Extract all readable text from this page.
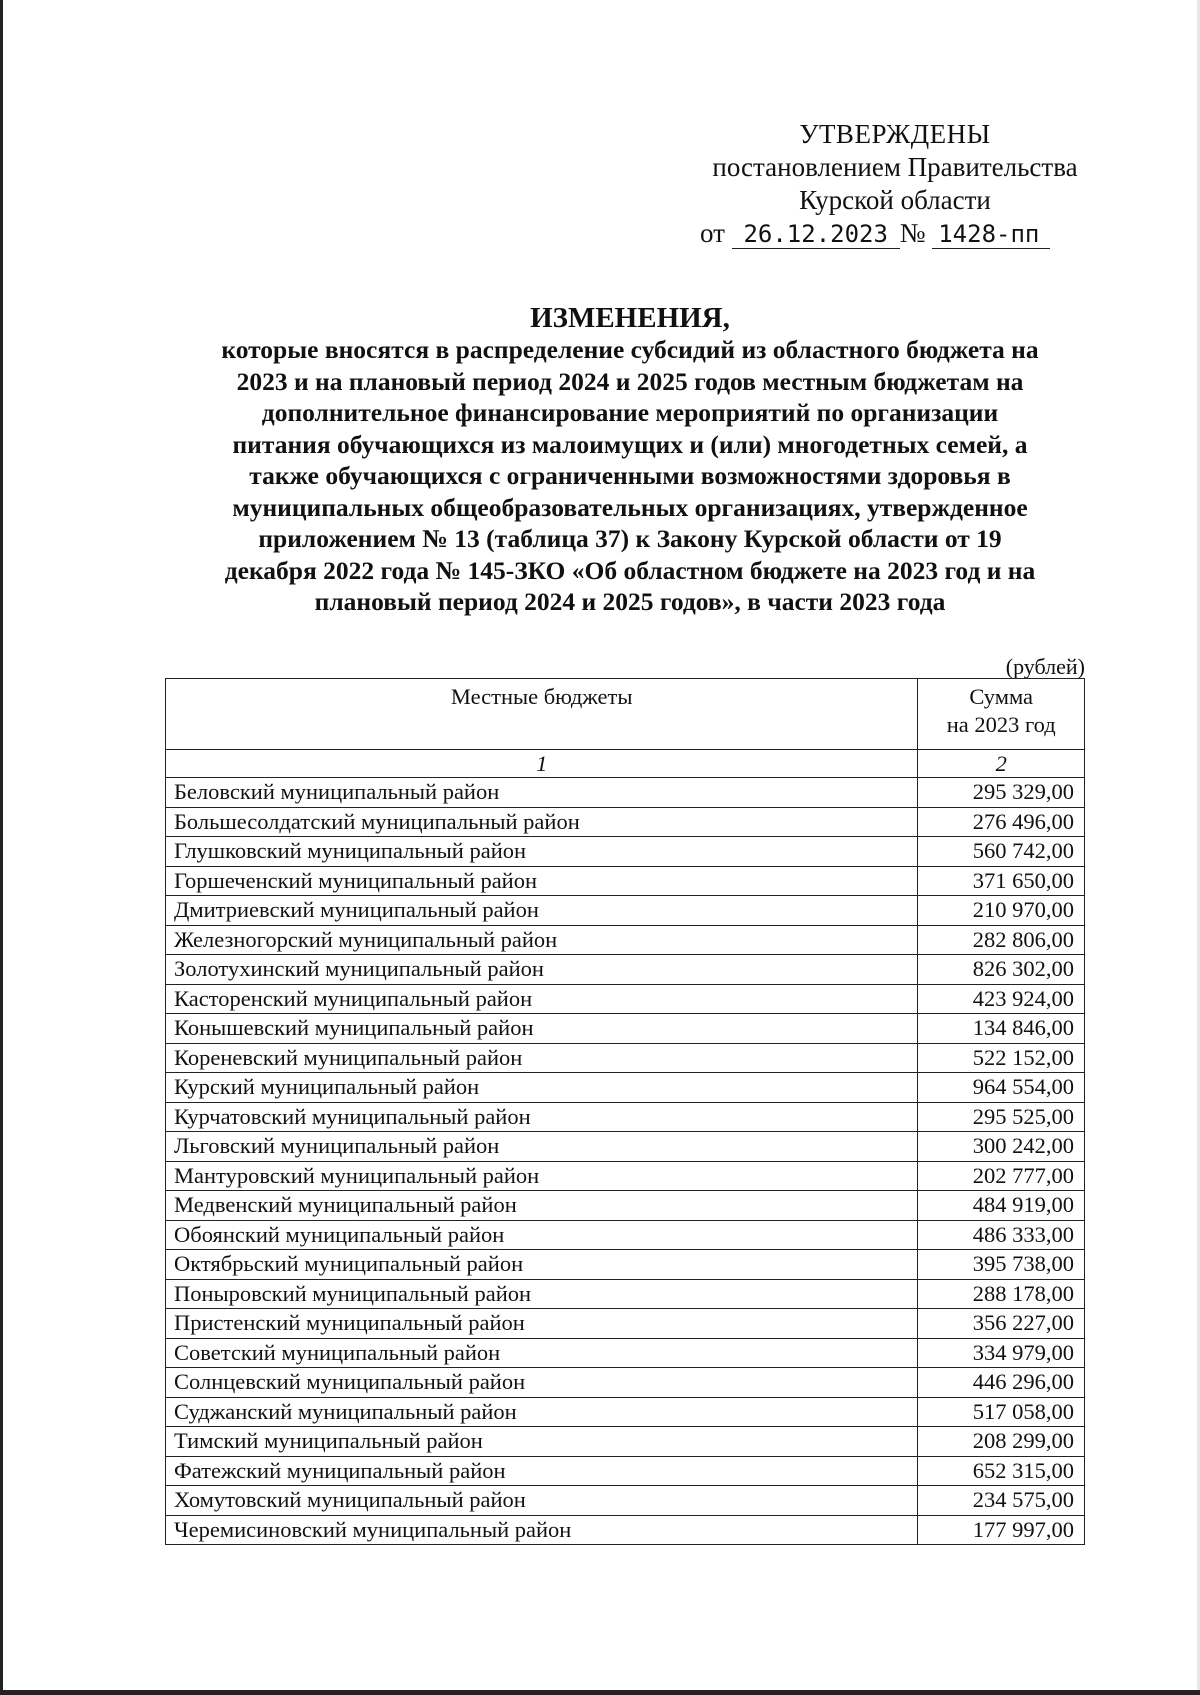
УТВЕРЖДЕНЫ
постановлением Правительства
Курской области
от 26.12.2023 № 1428-пп
ИЗМЕНЕНИЯ,
которые вносятся в распределение субсидий из областного бюджета на
2023 и на плановый период 2024 и 2025 годов местным бюджетам на
дополнительное финансирование мероприятий по организации
питания обучающихся из малоимущих и (или) многодетных семей, а
также обучающихся с ограниченными возможностями здоровья в
муниципальных общеобразовательных организациях, утвержденное
приложением № 13 (таблица 37) к Закону Курской области от 19
декабря 2022 года № 145-ЗКО «Об областном бюджете на 2023 год и на
плановый период 2024 и 2025 годов», в части 2023 года
(рублей)
Местные бюджеты	Сумма
на 2023 год
1	2
Беловский муниципальный район	295 329,00
Большесолдатский муниципальный район	276 496,00
Глушковский муниципальный район	560 742,00
Горшеченский муниципальный район	371 650,00
Дмитриевский муниципальный район	210 970,00
Железногорский муниципальный район	282 806,00
Золотухинский муниципальный район	826 302,00
Касторенский муниципальный район	423 924,00
Конышевский муниципальный район	134 846,00
Кореневский муниципальный район	522 152,00
Курский муниципальный район	964 554,00
Курчатовский муниципальный район	295 525,00
Льговский муниципальный район	300 242,00
Мантуровский муниципальный район	202 777,00
Медвенский муниципальный район	484 919,00
Обоянский муниципальный район	486 333,00
Октябрьский муниципальный район	395 738,00
Поныровский муниципальный район	288 178,00
Пристенский муниципальный район	356 227,00
Советский муниципальный район	334 979,00
Солнцевский муниципальный район	446 296,00
Суджанский муниципальный район	517 058,00
Тимский муниципальный район	208 299,00
Фатежский муниципальный район	652 315,00
Хомутовский муниципальный район	234 575,00
Черемисиновский муниципальный район	177 997,00
